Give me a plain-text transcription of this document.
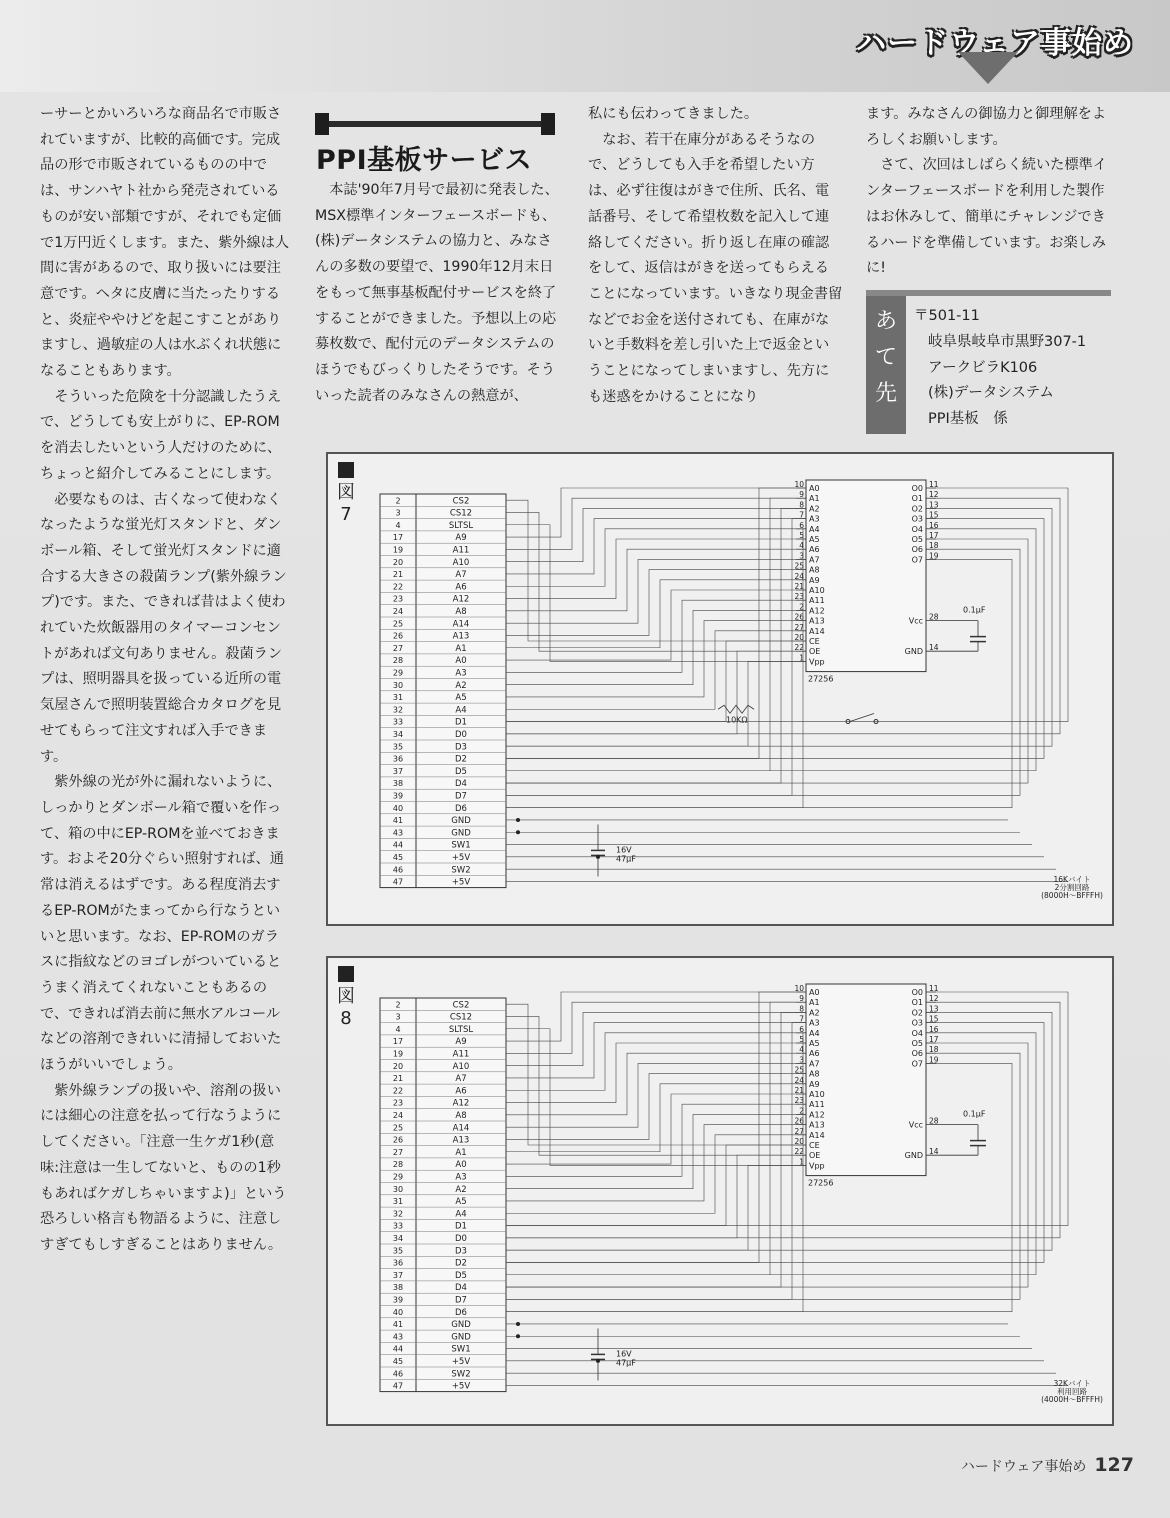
ハードウェア事始め

ーサーとかいろいろな商品名で市販されていますが、比較的高価です。完成品の形で市販されているものの中では、サンハヤト社から発売されているものが安い部類ですが、それでも定価で1万円近くします。また、紫外線は人間に害があるので、取り扱いには要注意です。ヘタに皮膚に当たったりすると、炎症ややけどを起こすことがありますし、過敏症の人は水ぶくれ状態になることもあります。

そういった危険を十分認識したうえで、どうしても安上がりに、EP-ROMを消去したいという人だけのために、ちょっと紹介してみることにします。

必要なものは、古くなって使わなくなったような蛍光灯スタンドと、ダンボール箱、そして蛍光灯スタンドに適合する大きさの殺菌ランプ(紫外線ランプ)です。また、できれば昔はよく使われていた炊飯器用のタイマーコンセントがあれば文句ありません。殺菌ランプは、照明器具を扱っている近所の電気屋さんで照明装置総合カタログを見せてもらって注文すれば入手できます。

紫外線の光が外に漏れないように、しっかりとダンボール箱で覆いを作って、箱の中にEP-ROMを並べておきます。およそ20分ぐらい照射すれば、通常は消えるはずです。ある程度消去するEP-ROMがたまってから行なうといいと思います。なお、EP-ROMのガラスに指紋などのヨゴレがついているとうまく消えてくれないこともあるので、できれば消去前に無水アルコールなどの溶剤できれいに清掃しておいたほうがいいでしょう。

紫外線ランプの扱いや、溶剤の扱いには細心の注意を払って行なうようにしてください。「注意一生ケガ1秒(意味:注意は一生してないと、ものの1秒もあればケガしちゃいますよ)」という恐ろしい格言も物語るように、注意しすぎてもしすぎることはありません。

PPI基板サービス

本誌'90年7月号で最初に発表した、MSX標準インターフェースボードも、(株)データシステムの協力と、みなさんの多数の要望で、1990年12月末日をもって無事基板配付サービスを終了することができました。予想以上の応募枚数で、配付元のデータシステムのほうでもびっくりしたそうです。そういった読者のみなさんの熱意が、

私にも伝わってきました。

なお、若干在庫分があるそうなので、どうしても入手を希望したい方は、必ず往復はがきで住所、氏名、電話番号、そして希望枚数を記入して連絡してください。折り返し在庫の確認をして、返信はがきを送ってもらえることになっています。いきなり現金書留などでお金を送付されても、在庫がないと手数料を差し引いた上で返金ということになってしまいますし、先方にも迷惑をかけることになり

ます。みなさんの御協力と御理解をよろしくお願いします。

さて、次回はしばらく続いた標準インターフェースボードを利用した製作はお休みして、簡単にチャレンジできるハードを準備しています。お楽しみに!

あ
て
先
〒501-11
岐阜県岐阜市黒野307-1
アークビラK106
(株)データシステム
PPI基板　係
2	CS2
3	CS12
4	SLTSL
17	A9
19	A11
20	A10
21	A7
22	A6
23	A12
24	A8
25	A14
26	A13
27	A1
28	A0
29	A3
30	A2
31	A5
32	A4
33	D1
34	D0
35	D3
36	D2
37	D5
38	D4
39	D7
40	D6
41	GND
43	GND
44	SW1
45	+5V
46	SW2
47	+5V
27256
10 A0
9 A1
8 A2
7 A3
6 A4
5 A5
4 A6
3 A7
25 A8
24 A9
21 A10
23 A11
2 A12
26 A13
27 A14
20 CE
22 OE
1 Vpp
11
O0
12
O1
13
O2
15
O3
16
O4
17
O5
18
O6
19
O7
Vcc 28
GND 14
0.1μF
16V
47μF
10KΩ
16Kバイト
2分割回路
(8000H〜BFFFH)
図7
2	CS2
3	CS12
4	SLTSL
17	A9
19	A11
20	A10
21	A7
22	A6
23	A12
24	A8
25	A14
26	A13
27	A1
28	A0
29	A3
30	A2
31	A5
32	A4
33	D1
34	D0
35	D3
36	D2
37	D5
38	D4
39	D7
40	D6
41	GND
43	GND
44	SW1
45	+5V
46	SW2
47	+5V
27256
10 A0
9 A1
8 A2
7 A3
6 A4
5 A5
4 A6
3 A7
25 A8
24 A9
21 A10
23 A11
2 A12
26 A13
27 A14
20 CE
22 OE
1 Vpp
11
O0
12
O1
13
O2
15
O3
16
O4
17
O5
18
O6
19
O7
Vcc 28
GND 14
0.1μF
16V
47μF
32Kバイト
利用回路
(4000H〜BFFFH)
図8
ハードウェア事始め 127
